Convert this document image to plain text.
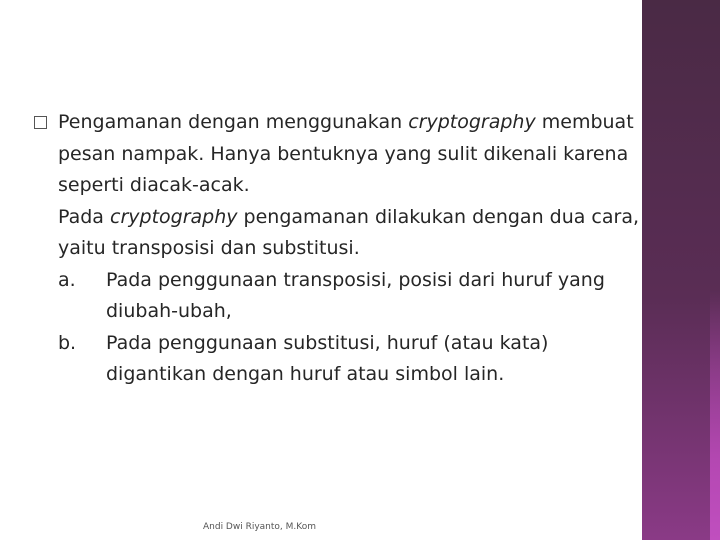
Pengamanan dengan menggunakan cryptography membuat
pesan nampak. Hanya bentuknya yang sulit dikenali karena
seperti diacak-acak.
Pada cryptography pengamanan dilakukan dengan dua cara,
yaitu transposisi dan substitusi.
a. Pada penggunaan transposisi, posisi dari huruf yang
diubah-ubah,
b. Pada penggunaan substitusi, huruf (atau kata)
digantikan dengan huruf atau simbol lain.
Andi Dwi Riyanto, M.Kom
